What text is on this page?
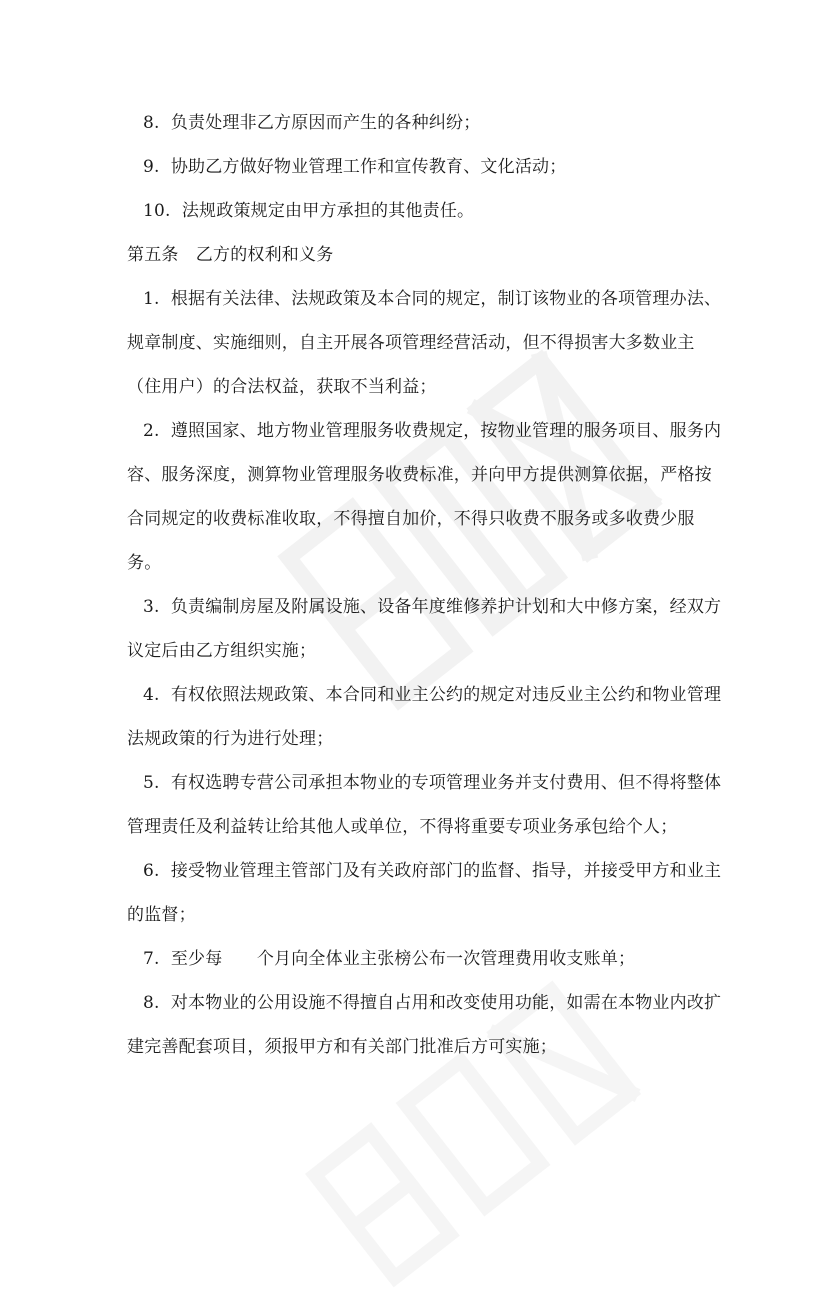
8.  负责处理非乙方原因而产生的各种纠纷；
9.  协助乙方做好物业管理工作和宣传教育、文化活动；
10.  法规政策规定由甲方承担的其他责任。
第五条　乙方的权利和义务
1.  根据有关法律、法规政策及本合同的规定，制订该物业的各项管理办法、
规章制度、实施细则，自主开展各项管理经营活动，但不得损害大多数业主
（住用户）的合法权益，获取不当利益；
2.  遵照国家、地方物业管理服务收费规定，按物业管理的服务项目、服务内
容、服务深度，测算物业管理服务收费标准，并向甲方提供测算依据，严格按
合同规定的收费标准收取，不得擅自加价，不得只收费不服务或多收费少服
务。
3.  负责编制房屋及附属设施、设备年度维修养护计划和大中修方案，经双方
议定后由乙方组织实施；
4.  有权依照法规政策、本合同和业主公约的规定对违反业主公约和物业管理
法规政策的行为进行处理；
5.  有权选聘专营公司承担本物业的专项管理业务并支付费用、但不得将整体
管理责任及利益转让给其他人或单位，不得将重要专项业务承包给个人；
6.  接受物业管理主管部门及有关政府部门的监督、指导，并接受甲方和业主
的监督；
7.  至少每　　个月向全体业主张榜公布一次管理费用收支账单；
8.  对本物业的公用设施不得擅自占用和改变使用功能，如需在本物业内改扩
建完善配套项目，须报甲方和有关部门批准后方可实施；
